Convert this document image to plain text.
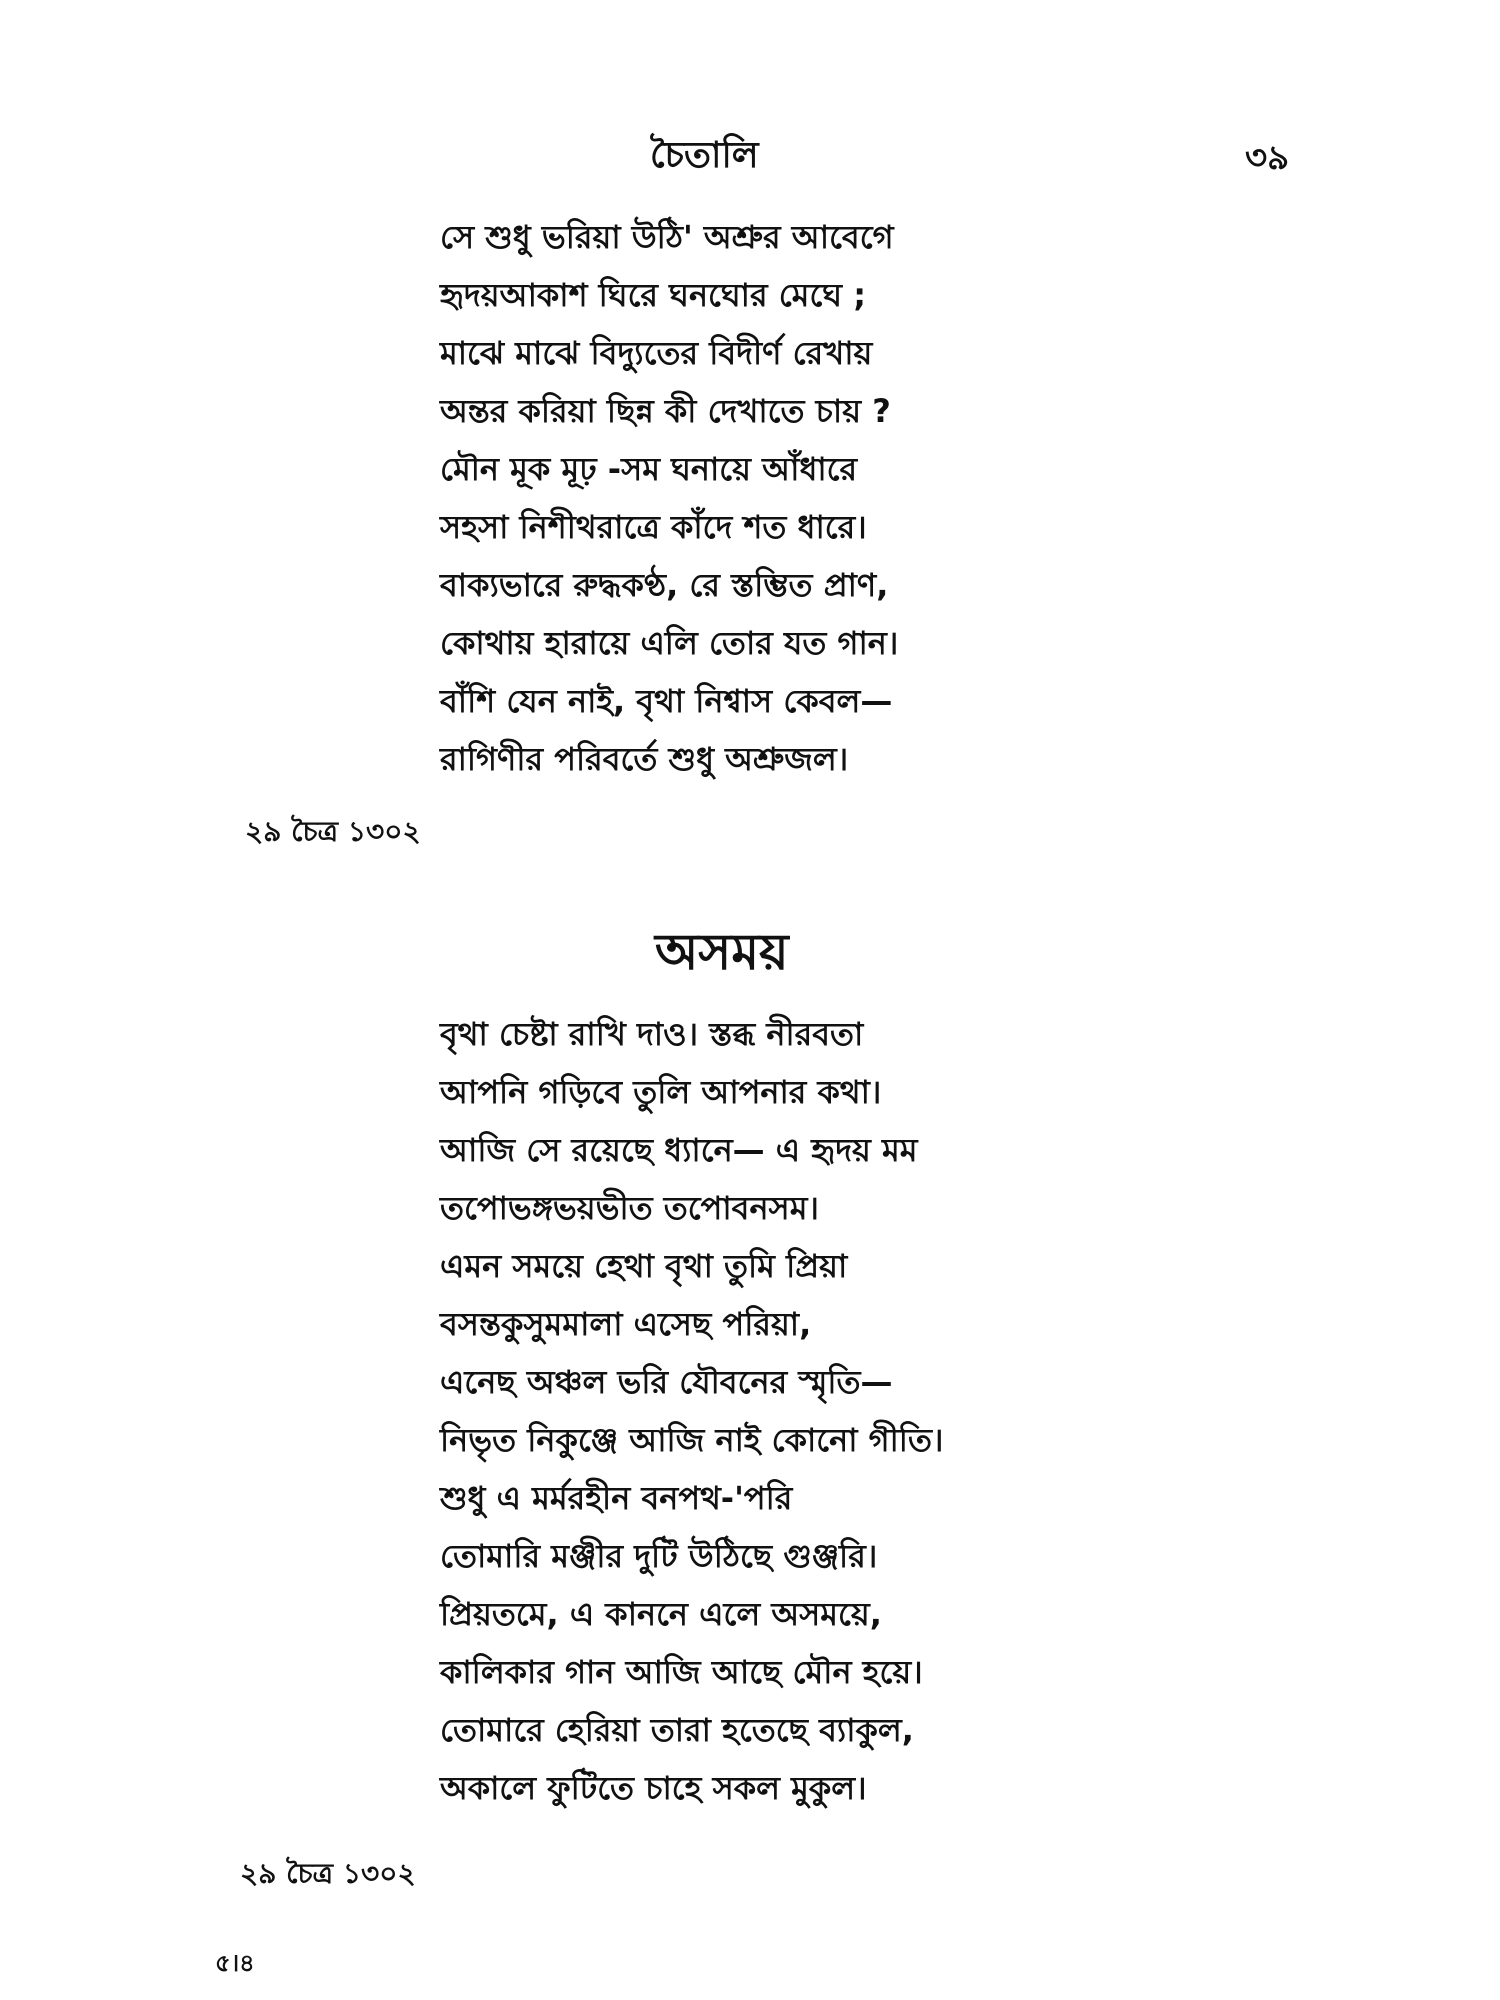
চৈতালি	৩৯
সে শুধু ভরিয়া উঠি' অশ্রুর আবেগে
হৃদয়আকাশ ঘিরে ঘনঘোর মেঘে ;
মাঝে মাঝে বিদ্যুতের বিদীর্ণ রেখায়
অন্তর করিয়া ছিন্ন কী দেখাতে চায় ?
মৌন মূক মূঢ় -সম ঘনায়ে আঁধারে
সহসা নিশীথরাত্রে কাঁদে শত ধারে।
বাক্যভারে রুদ্ধকণ্ঠ, রে স্তম্ভিত প্রাণ,
কোথায় হারায়ে এলি তোর যত গান।
বাঁশি যেন নাই, বৃথা নিশ্বাস কেবল—
রাগিণীর পরিবর্তে শুধু অশ্রুজল।
২৯ চৈত্র ১৩০২
অসময়
বৃথা চেষ্টা রাখি দাও। স্তব্ধ নীরবতা
আপনি গড়িবে তুলি আপনার কথা।
আজি সে রয়েছে ধ্যানে— এ হৃদয় মম
তপোভঙ্গভয়ভীত তপোবনসম।
এমন সময়ে হেথা বৃথা তুমি প্রিয়া
বসন্তকুসুমমালা এসেছ পরিয়া,
এনেছ অঞ্চল ভরি যৌবনের স্মৃতি—
নিভৃত নিকুঞ্জে আজি নাই কোনো গীতি।
শুধু এ মর্মরহীন বনপথ-'পরি
তোমারি মঞ্জীর দুটি উঠিছে গুঞ্জরি।
প্রিয়তমে, এ কাননে এলে অসময়ে,
কালিকার গান আজি আছে মৌন হয়ে।
তোমারে হেরিয়া তারা হতেছে ব্যাকুল,
অকালে ফুটিতে চাহে সকল মুকুল।
২৯ চৈত্র ১৩০২
৫।৪
